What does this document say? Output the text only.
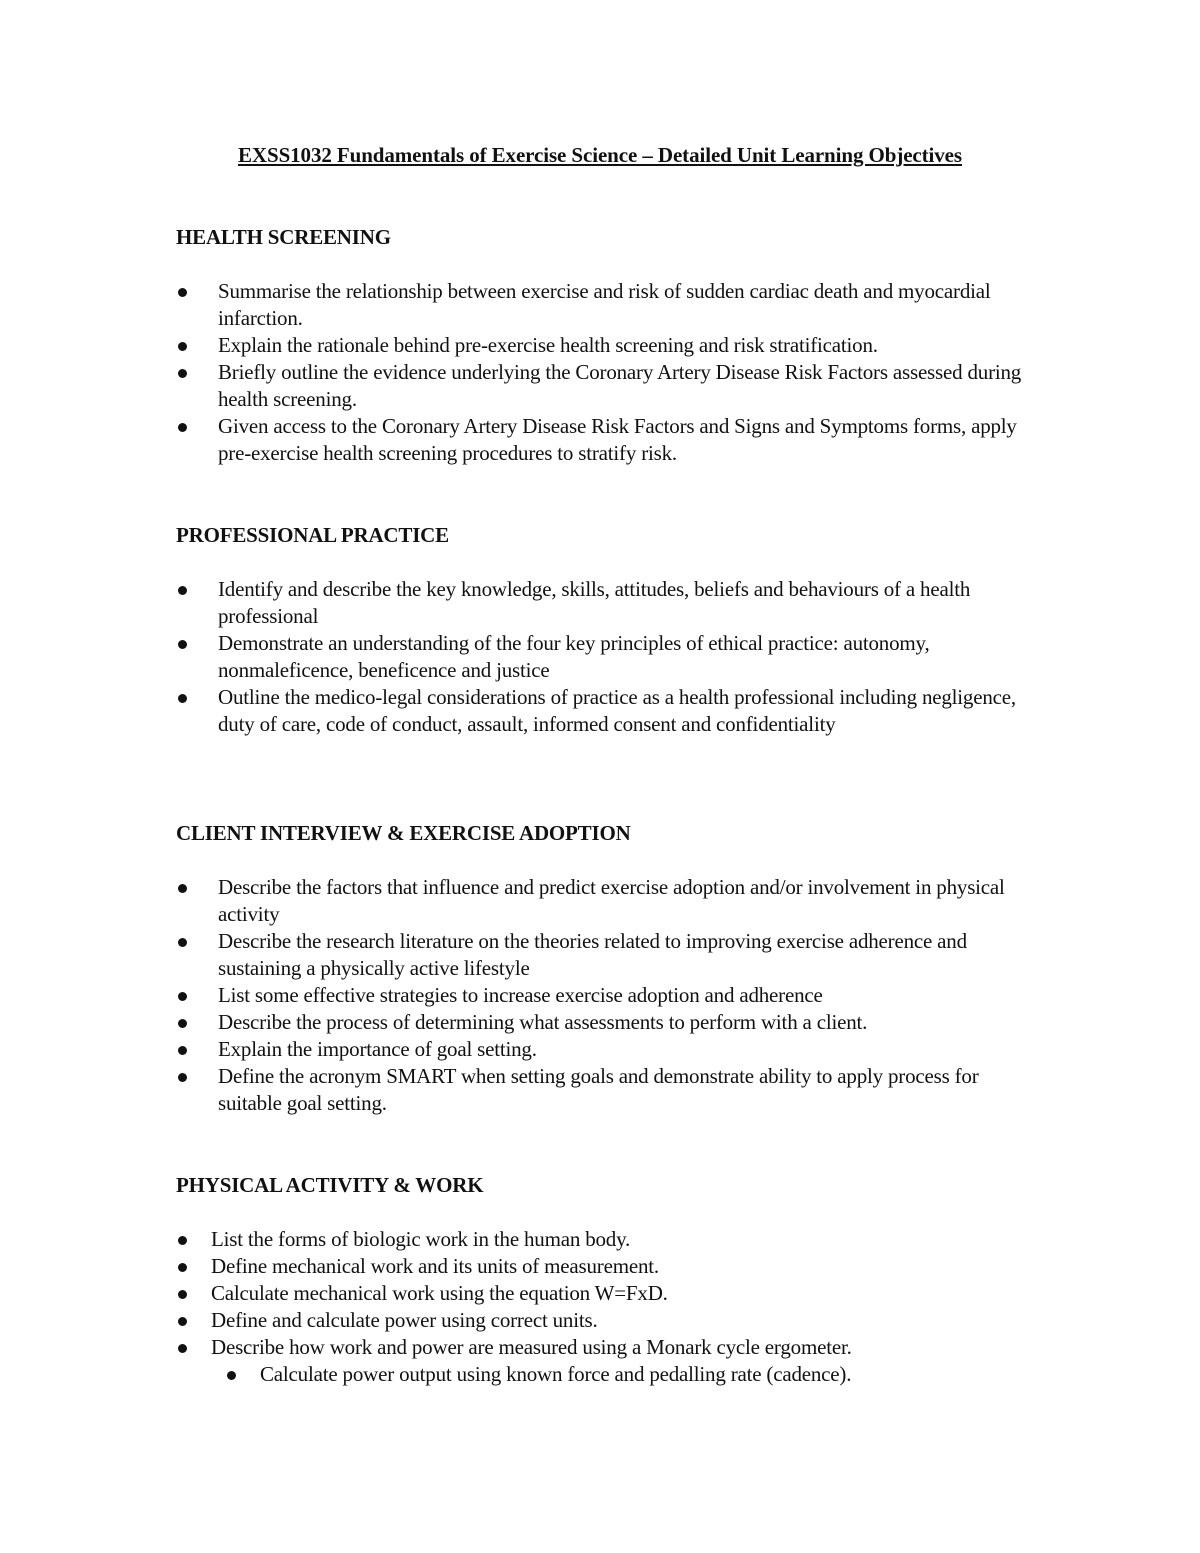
EXSS1032 Fundamentals of Exercise Science – Detailed Unit Learning Objectives
HEALTH SCREENING
Summarise the relationship between exercise and risk of sudden cardiac death and myocardial infarction.
Explain the rationale behind pre-exercise health screening and risk stratification.
Briefly outline the evidence underlying the Coronary Artery Disease Risk Factors assessed during health screening.
Given access to the Coronary Artery Disease Risk Factors and Signs and Symptoms forms, apply pre-exercise health screening procedures to stratify risk.
PROFESSIONAL PRACTICE
Identify and describe the key knowledge, skills, attitudes, beliefs and behaviours of a health professional
Demonstrate an understanding of the four key principles of ethical practice: autonomy, nonmaleficence, beneficence and justice
Outline the medico-legal considerations of practice as a health professional including negligence, duty of care, code of conduct, assault, informed consent and confidentiality
CLIENT INTERVIEW & EXERCISE ADOPTION
Describe the factors that influence and predict exercise adoption and/or involvement in physical activity
Describe the research literature on the theories related to improving exercise adherence and sustaining a physically active lifestyle
List some effective strategies to increase exercise adoption and adherence
Describe the process of determining what assessments to perform with a client.
Explain the importance of goal setting.
Define the acronym SMART when setting goals and demonstrate ability to apply process for suitable goal setting.
PHYSICAL ACTIVITY & WORK
List the forms of biologic work in the human body.
Define mechanical work and its units of measurement.
Calculate mechanical work using the equation W=FxD.
Define and calculate power using correct units.
Describe how work and power are measured using a Monark cycle ergometer.
Calculate power output using known force and pedalling rate (cadence).
